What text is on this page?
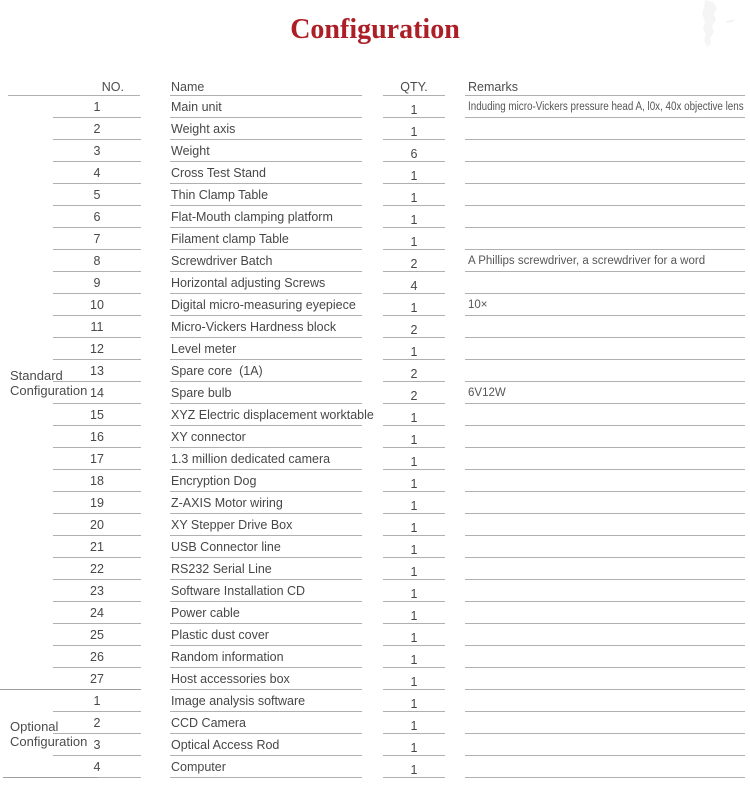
Configuration
NO.	Name	QTY.	Remarks
1	Main unit	1	Induding micro-Vickers pressure head A, l0x, 40x objective lens
2	Weight axis	1
3	Weight	6
4	Cross Test Stand	1
5	Thin Clamp Table	1
6	Flat-Mouth clamping platform	1
7	Filament clamp Table	1
8	Screwdriver Batch	2	A Phillips screwdriver, a screwdriver for a word
9	Horizontal adjusting Screws	4
10	Digital micro-measuring eyepiece	1	10×
11	Micro-Vickers Hardness block	2
12	Level meter	1
13	Spare core  (1A)	2
14	Spare bulb	2	6V12W
15	XYZ Electric displacement worktable	1
16	XY connector	1
17	1.3 million dedicated camera	1
18	Encryption Dog	1
19	Z-AXIS Motor wiring	1
20	XY Stepper Drive Box	1
21	USB Connector line	1
22	RS232 Serial Line	1
23	Software Installation CD	1
24	Power cable	1
25	Plastic dust cover	1
26	Random information	1
27	Host accessories box	1
1	Image analysis software	1
2	CCD Camera	1
3	Optical Access Rod	1
4	Computer	1
Standard Configuration
Optional Configuration
